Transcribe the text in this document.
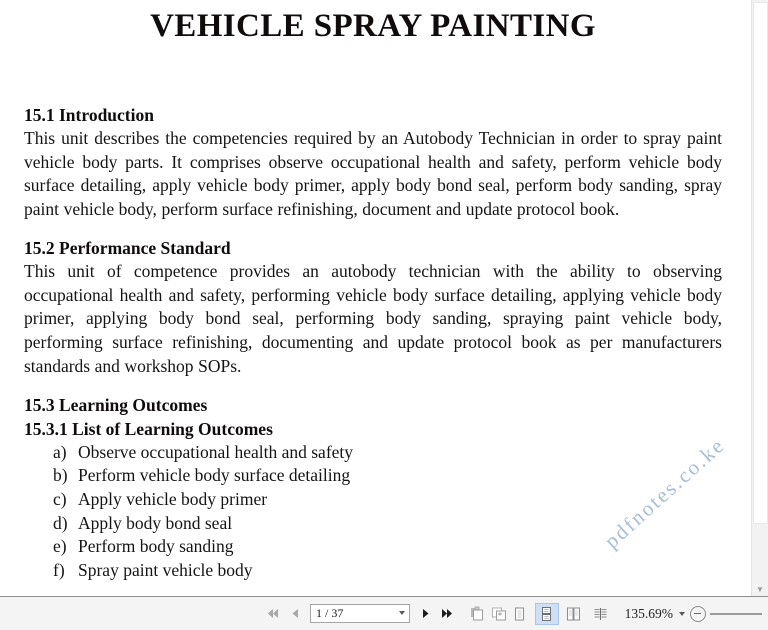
VEHICLE SPRAY PAINTING
15.1 Introduction

This unit describes the competencies required by an Autobody Technician in order to spray paint vehicle body parts. It comprises observe occupational health and safety, perform vehicle body surface detailing, apply vehicle body primer, apply body bond seal, perform body sanding, spray paint vehicle body, perform surface refinishing, document and update protocol book.

15.2 Performance Standard

This unit of competence provides an autobody technician with the ability to observing occupational health and safety, performing vehicle body surface detailing, applying vehicle body primer, applying body bond seal, performing body sanding, spraying paint vehicle body, performing surface refinishing, documenting and update protocol book as per manufacturers standards and workshop SOPs.

15.3 Learning Outcomes
15.3.1 List of Learning Outcomes
a) Observe occupational health and safety
b) Perform vehicle body surface detailing
c) Apply vehicle body primer
d) Apply body bond seal
e) Perform body sanding
f) Spray paint vehicle body
pdfnotes.co.ke
▼
1 / 37	135.69%
